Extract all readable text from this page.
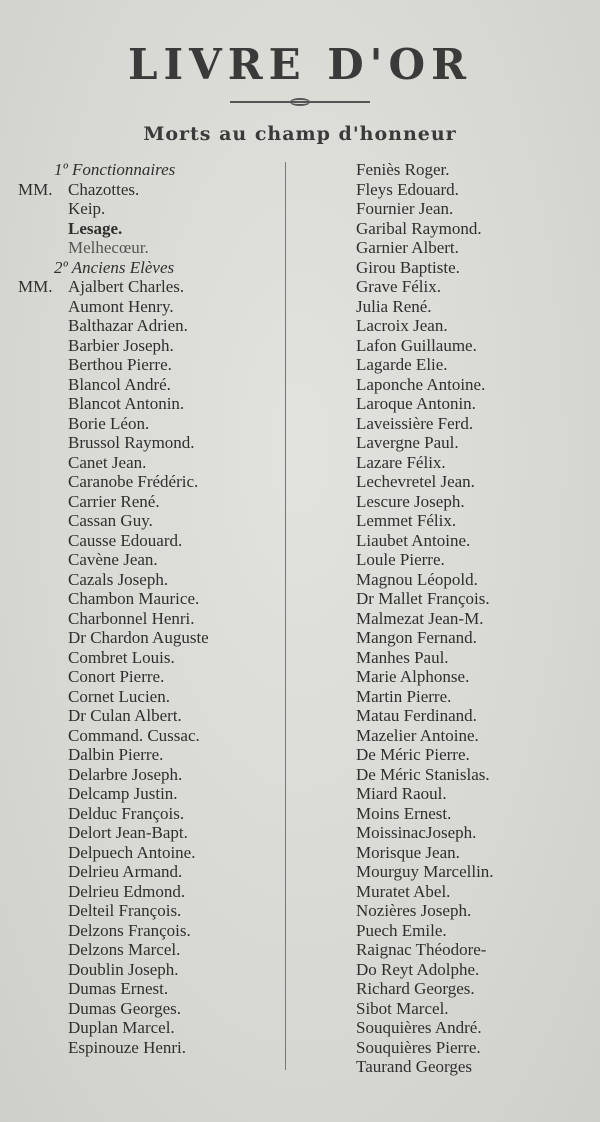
LIVRE D'OR
Morts au champ d'honneur
1º Fonctionnaires
MM. Chazottes.
Keip.
Lesage.
Melhecœur.
2º Anciens Elèves
MM. Ajalbert Charles.
Aumont Henry.
Balthazar Adrien.
Barbier Joseph.
Berthou Pierre.
Blancol André.
Blancot Antonin.
Borie Léon.
Brussol Raymond.
Canet Jean.
Caranobe Frédéric.
Carrier René.
Cassan Guy.
Causse Edouard.
Cavène Jean.
Cazals Joseph.
Chambon Maurice.
Charbonnel Henri.
Dr Chardon Auguste
Combret Louis.
Conort Pierre.
Cornet Lucien.
Dr Culan Albert.
Command. Cussac.
Dalbin Pierre.
Delarbre Joseph.
Delcamp Justin.
Delduc François.
Delort Jean-Bapt.
Delpuech Antoine.
Delrieu Armand.
Delrieu Edmond.
Delteil François.
Delzons François.
Delzons Marcel.
Doublin Joseph.
Dumas Ernest.
Dumas Georges.
Duplan Marcel.
Espinouze Henri.
Feniès Roger.
Fleys Edouard.
Fournier Jean.
Garibal Raymond.
Garnier Albert.
Girou Baptiste.
Grave Félix.
Julia René.
Lacroix Jean.
Lafon Guillaume.
Lagarde Elie.
Laponche Antoine.
Laroque Antonin.
Laveissière Ferd.
Lavergne Paul.
Lazare Félix.
Lechevretel Jean.
Lescure Joseph.
Lemmet Félix.
Liaubet Antoine.
Loule Pierre.
Magnou Léopold.
Dr Mallet François.
Malmezat Jean-M.
Mangon Fernand.
Manhes Paul.
Marie Alphonse.
Martin Pierre.
Matau Ferdinand.
Mazelier Antoine.
De Méric Pierre.
De Méric Stanislas.
Miard Raoul.
Moins Ernest.
MoissinacJoseph.
Morisque Jean.
Mourguy Marcellin.
Muratet Abel.
Nozières Joseph.
Puech Emile.
Raignac Théodore-
Do Reyt Adolphe.
Richard Georges.
Sibot Marcel.
Souquières André.
Souquières Pierre.
Taurand Georges
